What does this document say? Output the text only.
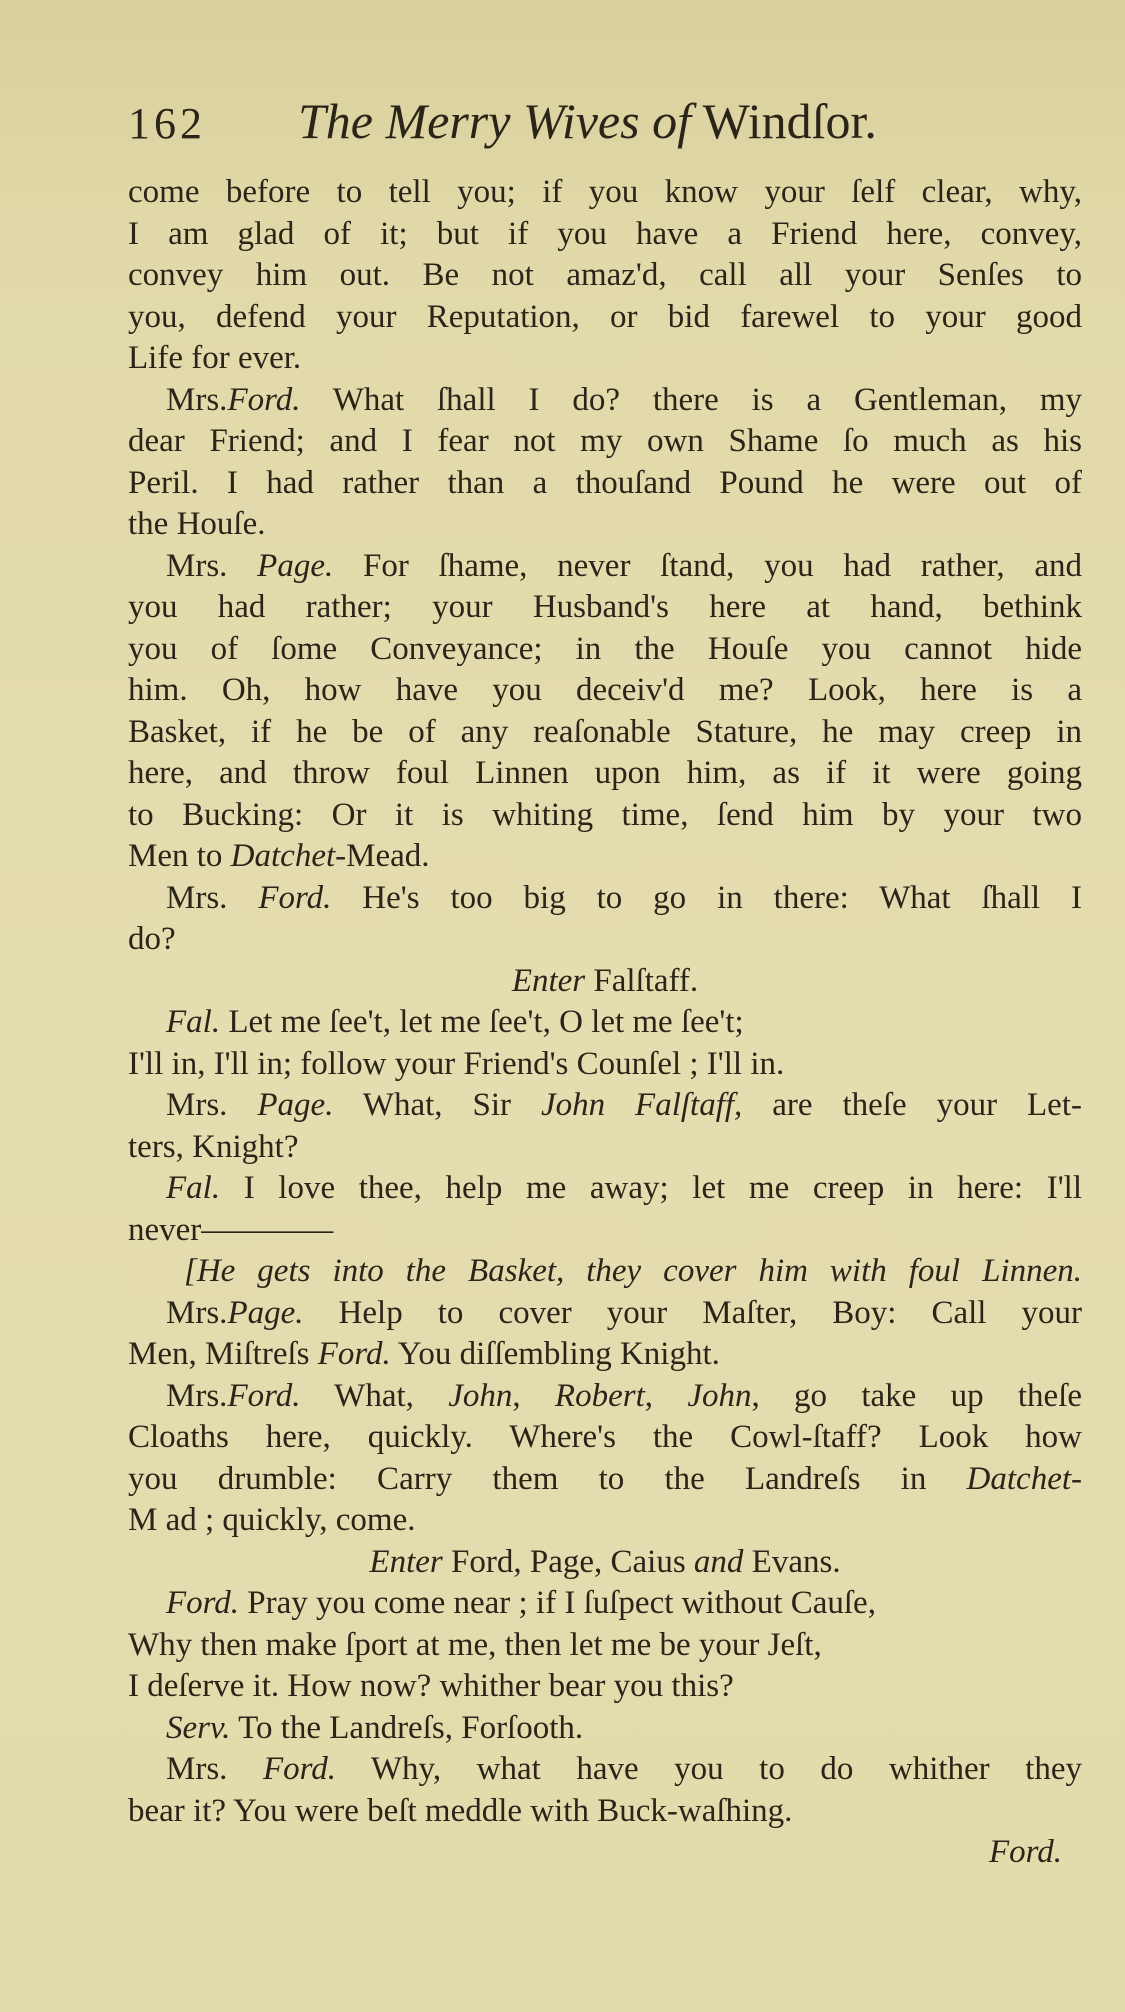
162 The Merry Wives of Windſor.
come before to tell you; if you know your ſelf clear, why,
I am glad of it; but if you have a Friend here, convey,
convey him out. Be not amaz'd, call all your Senſes to
you, defend your Reputation, or bid farewel to your good
Life for ever.
Mrs.Ford. What ſhall I do? there is a Gentleman, my
dear Friend; and I fear not my own Shame ſo much as his
Peril. I had rather than a thouſand Pound he were out of
the Houſe.
Mrs. Page. For ſhame, never ſtand, you had rather, and
you had rather; your Husband's here at hand, bethink
you of ſome Conveyance; in the Houſe you cannot hide
him. Oh, how have you deceiv'd me? Look, here is a
Basket, if he be of any reaſonable Stature, he may creep in
here, and throw foul Linnen upon him, as if it were going
to Bucking: Or it is whiting time, ſend him by your two
Men to Datchet-Mead.
Mrs. Ford. He's too big to go in there: What ſhall I
do?
Enter Falſtaff.
Fal. Let me ſee't, let me ſee't, O let me ſee't;
I'll in, I'll in; follow your Friend's Counſel ; I'll in.
Mrs. Page. What, Sir John Falſtaff, are theſe your Let-
ters, Knight?
Fal. I love thee, help me away; let me creep in here: I'll
never————
[He gets into the Basket, they cover him with foul Linnen.
Mrs.Page. Help to cover your Maſter, Boy: Call your
Men, Miſtreſs Ford. You diſſembling Knight.
Mrs.Ford. What, John, Robert, John, go take up theſe
Cloaths here, quickly. Where's the Cowl-ſtaff? Look how
you drumble: Carry them to the Landreſs in Datchet-
M ad ; quickly, come.
Enter Ford, Page, Caius and Evans.
Ford. Pray you come near ; if I ſuſpect without Cauſe,
Why then make ſport at me, then let me be your Jeſt,
I deſerve it. How now? whither bear you this?
Serv. To the Landreſs, Forſooth.
Mrs. Ford. Why, what have you to do whither they
bear it? You were beſt meddle with Buck-waſhing.
Ford.
